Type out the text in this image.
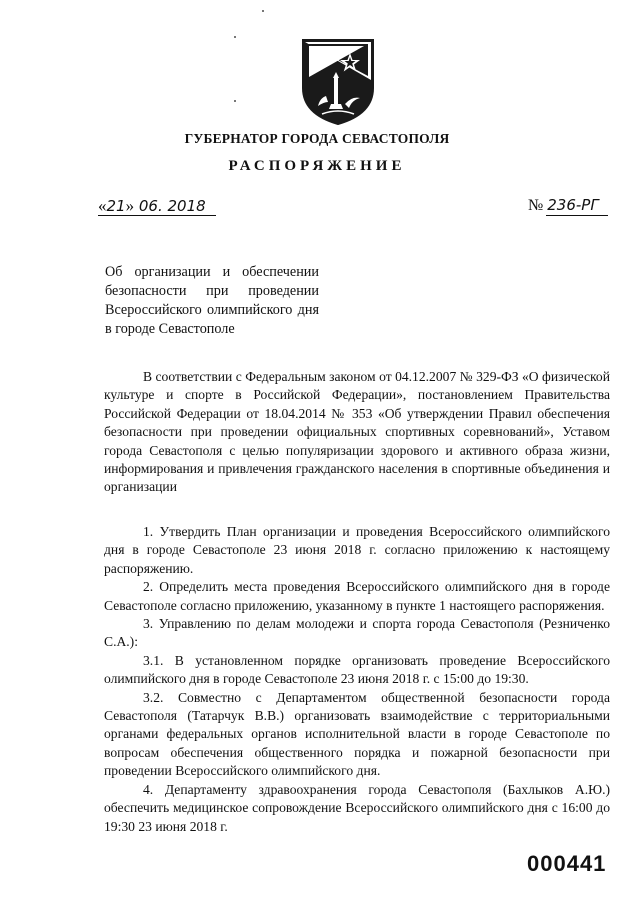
ГУБЕРНАТОР ГОРОДА СЕВАСТОПОЛЯ
РАСПОРЯЖЕНИЕ
«21» 06. 2018	№ 236-РГ
Об организации и обеспечении безопасности при проведении Всероссийского олимпийского дня в городе Севастополе
В соответствии с Федеральным законом от 04.12.2007 № 329-ФЗ «О физической культуре и спорте в Российской Федерации», постановлением Правительства Российской Федерации от 18.04.2014 № 353 «Об утверждении Правил обеспечения безопасности при проведении официальных спортивных соревнований», Уставом города Севастополя с целью популяризации здорового и активного образа жизни, информирования и привлечения гражданского населения в спортивные объединения и организации

1. Утвердить План организации и проведения Всероссийского олимпийского дня в городе Севастополе 23 июня 2018 г. согласно приложению к настоящему распоряжению.

2. Определить места проведения Всероссийского олимпийского дня в городе Севастополе согласно приложению, указанному в пункте 1 настоящего распоряжения.

3. Управлению по делам молодежи и спорта города Севастополя (Резниченко С.А.):

3.1. В установленном порядке организовать проведение Всероссийского олимпийского дня в городе Севастополе 23 июня 2018 г. с 15:00 до 19:30.

3.2. Совместно с Департаментом общественной безопасности города Севастополя (Татарчук В.В.) организовать взаимодействие с территориальными органами федеральных органов исполнительной власти в городе Севастополе по вопросам обеспечения общественного порядка и пожарной безопасности при проведении Всероссийского олимпийского дня.

4. Департаменту здравоохранения города Севастополя (Бахлыков А.Ю.) обеспечить медицинское сопровождение Всероссийского олимпийского дня с 16:00 до 19:30 23 июня 2018 г.

000441
